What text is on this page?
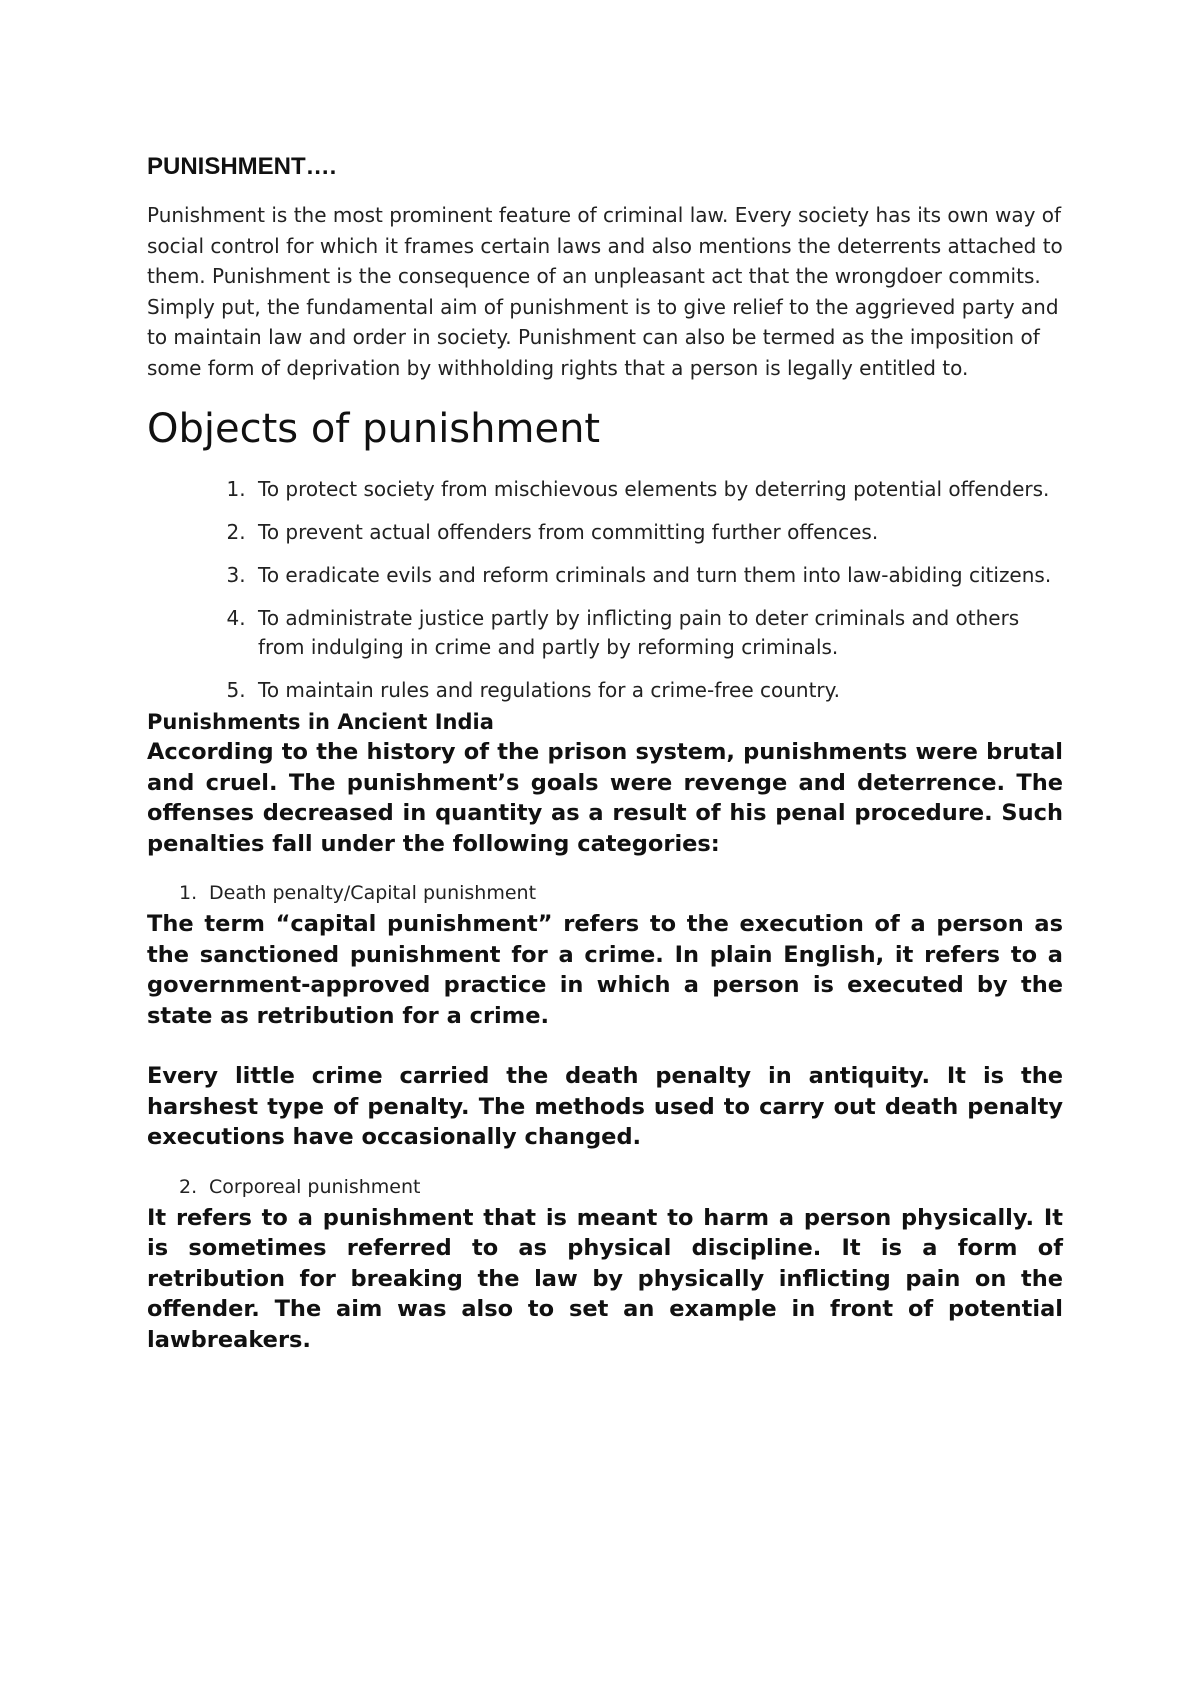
PUNISHMENT….

Punishment is the most prominent feature of criminal law. Every society has its own way of social control for which it frames certain laws and also mentions the deterrents attached to them. Punishment is the consequence of an unpleasant act that the wrongdoer commits. Simply put, the fundamental aim of punishment is to give relief to the aggrieved party and to maintain law and order in society. Punishment can also be termed as the imposition of some form of deprivation by withholding rights that a person is legally entitled to.

Objects of punishment
1. To protect society from mischievous elements by deterring potential offenders.
2. To prevent actual offenders from committing further offences.
3. To eradicate evils and reform criminals and turn them into law-abiding citizens.
4. To administrate justice partly by inflicting pain to deter criminals and others from indulging in crime and partly by reforming criminals.
5. To maintain rules and regulations for a crime-free country.
Punishments in Ancient India

According to the history of the prison system, punishments were brutal and cruel. The punishment’s goals were revenge and deterrence. The offenses decreased in quantity as a result of his penal procedure. Such penalties fall under the following categories:

1. Death penalty/Capital punishment

The term “capital punishment” refers to the execution of a person as the sanctioned punishment for a crime. In plain English, it refers to a government-approved practice in which a person is executed by the state as retribution for a crime.

Every little crime carried the death penalty in antiquity. It is the harshest type of penalty. The methods used to carry out death penalty executions have occasionally changed.

2. Corporeal punishment

It refers to a punishment that is meant to harm a person physically. It is sometimes referred to as physical discipline. It is a form of retribution for breaking the law by physically inflicting pain on the offender. The aim was also to set an example in front of potential lawbreakers.
